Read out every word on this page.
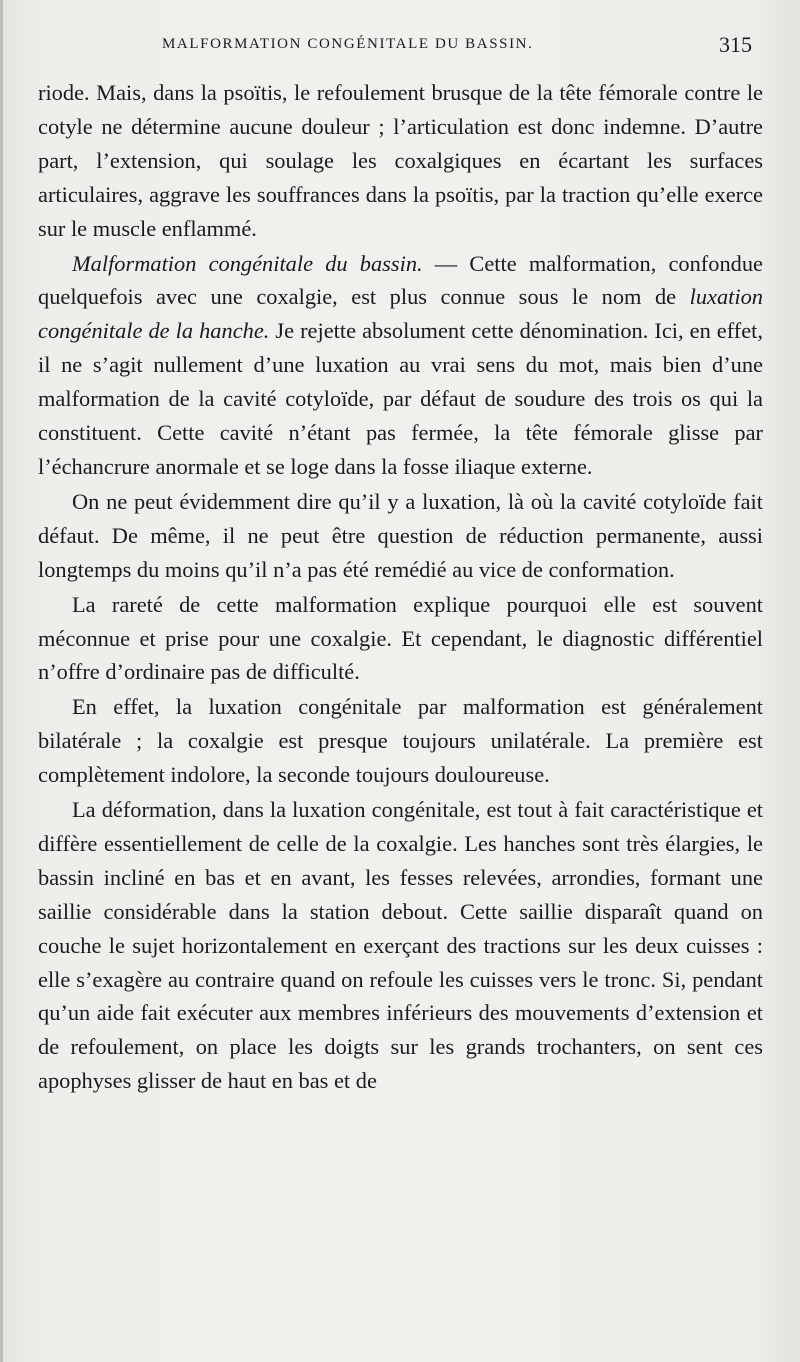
MALFORMATION CONGÉNITALE DU BASSIN.	315

riode. Mais, dans la psoïtis, le refoulement brusque de la tête fémorale contre le cotyle ne détermine aucune douleur ; l’articulation est donc indemne. D’autre part, l’extension, qui soulage les coxalgiques en écartant les surfaces articulaires, aggrave les souffrances dans la psoïtis, par la traction qu’elle exerce sur le muscle enflammé.

Malformation congénitale du bassin. — Cette malformation, confondue quelquefois avec une coxalgie, est plus connue sous le nom de luxation congénitale de la hanche. Je rejette absolument cette dénomination. Ici, en effet, il ne s’agit nullement d’une luxation au vrai sens du mot, mais bien d’une malformation de la cavité cotyloïde, par défaut de soudure des trois os qui la constituent. Cette cavité n’étant pas fermée, la tête fémorale glisse par l’échancrure anormale et se loge dans la fosse iliaque externe.

On ne peut évidemment dire qu’il y a luxation, là où la cavité cotyloïde fait défaut. De même, il ne peut être question de réduction permanente, aussi longtemps du moins qu’il n’a pas été remédié au vice de conformation.

La rareté de cette malformation explique pourquoi elle est souvent méconnue et prise pour une coxalgie. Et cependant, le diagnostic différentiel n’offre d’ordinaire pas de difficulté.

En effet, la luxation congénitale par malformation est généralement bilatérale ; la coxalgie est presque toujours unilatérale. La première est complètement indolore, la seconde toujours douloureuse.

La déformation, dans la luxation congénitale, est tout à fait caractéristique et diffère essentiellement de celle de la coxalgie. Les hanches sont très élargies, le bassin incliné en bas et en avant, les fesses relevées, arrondies, formant une saillie considérable dans la station debout. Cette saillie disparaît quand on couche le sujet horizontalement en exerçant des tractions sur les deux cuisses : elle s’exagère au contraire quand on refoule les cuisses vers le tronc. Si, pendant qu’un aide fait exécuter aux membres inférieurs des mouvements d’extension et de refoulement, on place les doigts sur les grands trochanters, on sent ces apophyses glisser de haut en bas et de
